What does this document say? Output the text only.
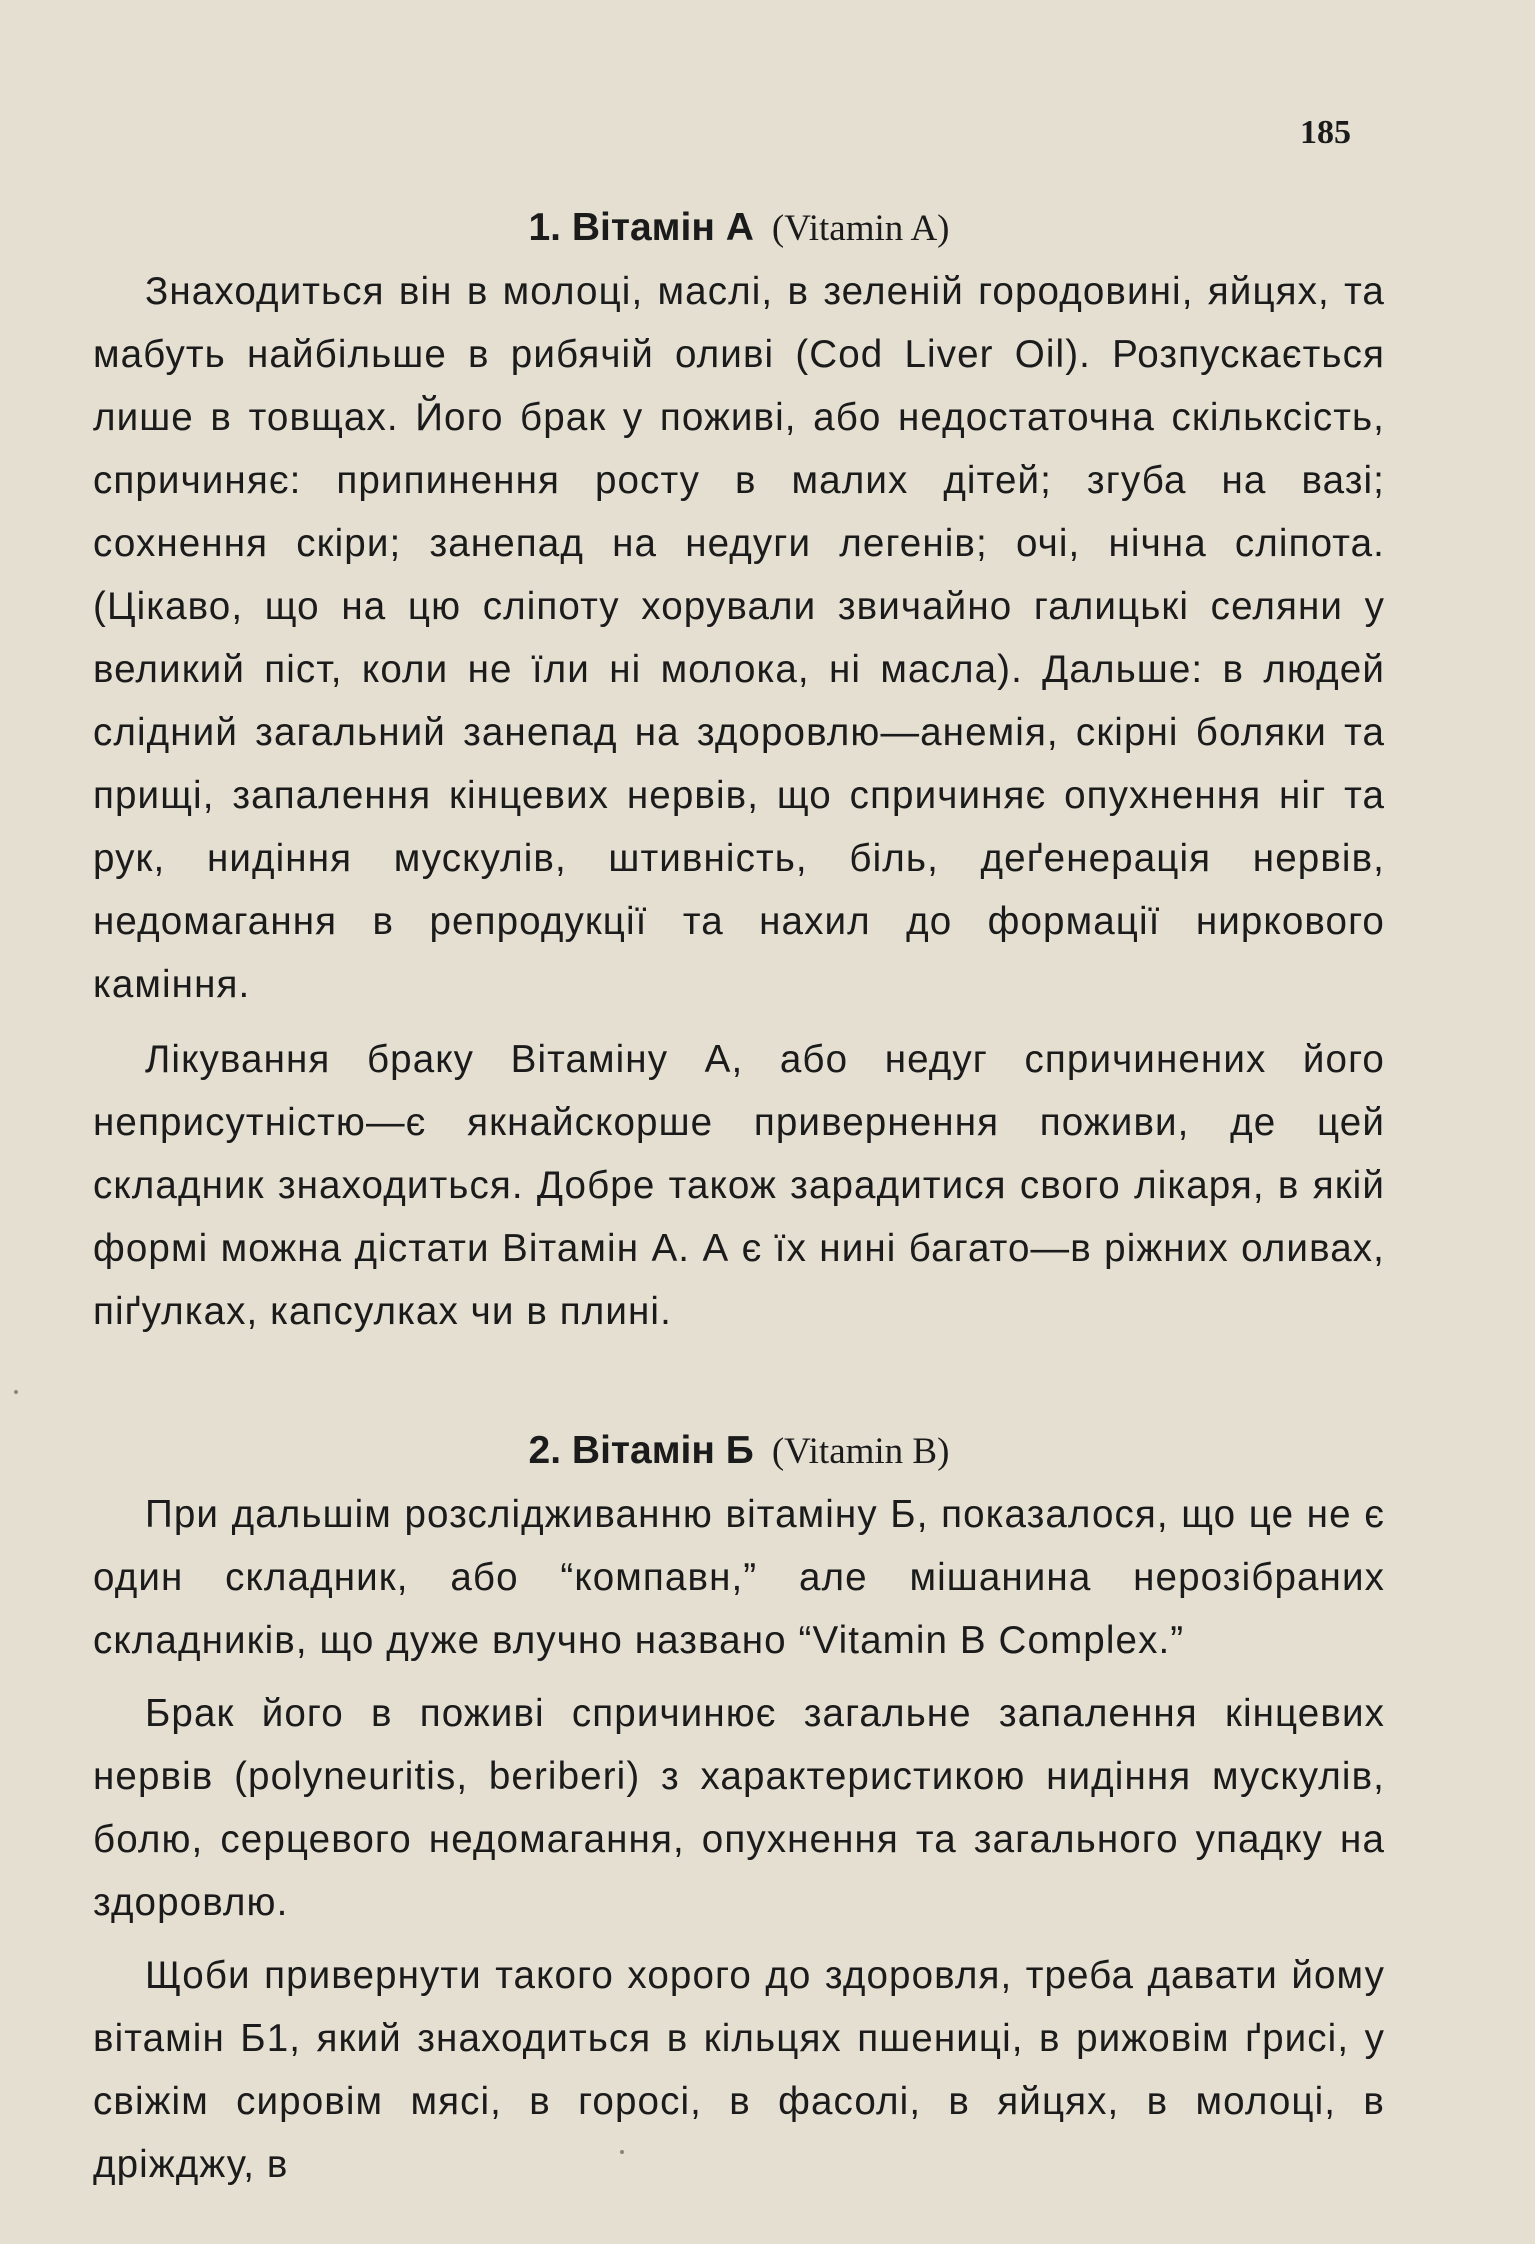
185
1. Вітамін А (Vitamin A)

Знаходиться він в молоці, маслі, в зеленій городовині, яйцях, та мабуть найбільше в рибячій оливі (Cod Liver Oil). Розпускається лише в товщах. Його брак у поживі, або недостаточна скільксість, спричиняє: припинення росту в малих дітей; згуба на вазі; сохнення скіри; занепад на недуги легенів; очі, нічна сліпота. (Цікаво, що на цю сліпоту хорували звичайно галицькі селяни у великий піст, коли не їли ні молока, ні масла). Дальше: в людей слідний загальний занепад на здоровлю—анемія, скірні боляки та прищі, запалення кінцевих нервів, що спричиняє опухнення ніг та рук, нидіння мускулів, штивність, біль, деґенерація нервів, недомагання в репродукції та нахил до формації ниркового каміння.

Лікування браку Вітаміну А, або недуг спричинених його неприсутністю—є якнайскорше привернення поживи, де цей складник знаходиться. Добре також зарадитися свого лікаря, в якій формі можна дістати Вітамін А. А є їх нині багато—в ріжних оливах, піґулках, капсулках чи в плині.

2. Вітамін Б (Vitamin B)

При дальшім розслідживанню вітаміну Б, показалося, що це не є один складник, або “компавн,” але мішанина нерозібраних складників, що дуже влучно названо “Vitamin B Complex.”

Брак його в поживі спричинює загальне запалення кінцевих нервів (polyneuritis, beriberi) з характеристикою нидіння мускулів, болю, серцевого недомагання, опухнення та загального упадку на здоровлю.

Щоби привернути такого хорого до здоровля, треба давати йому вітамін Б1, який знаходиться в кільцях пшениці, в рижовім ґрисі, у свіжім сировім мясі, в горосі, в фасолі, в яйцях, в молоці, в дріжджу, в
